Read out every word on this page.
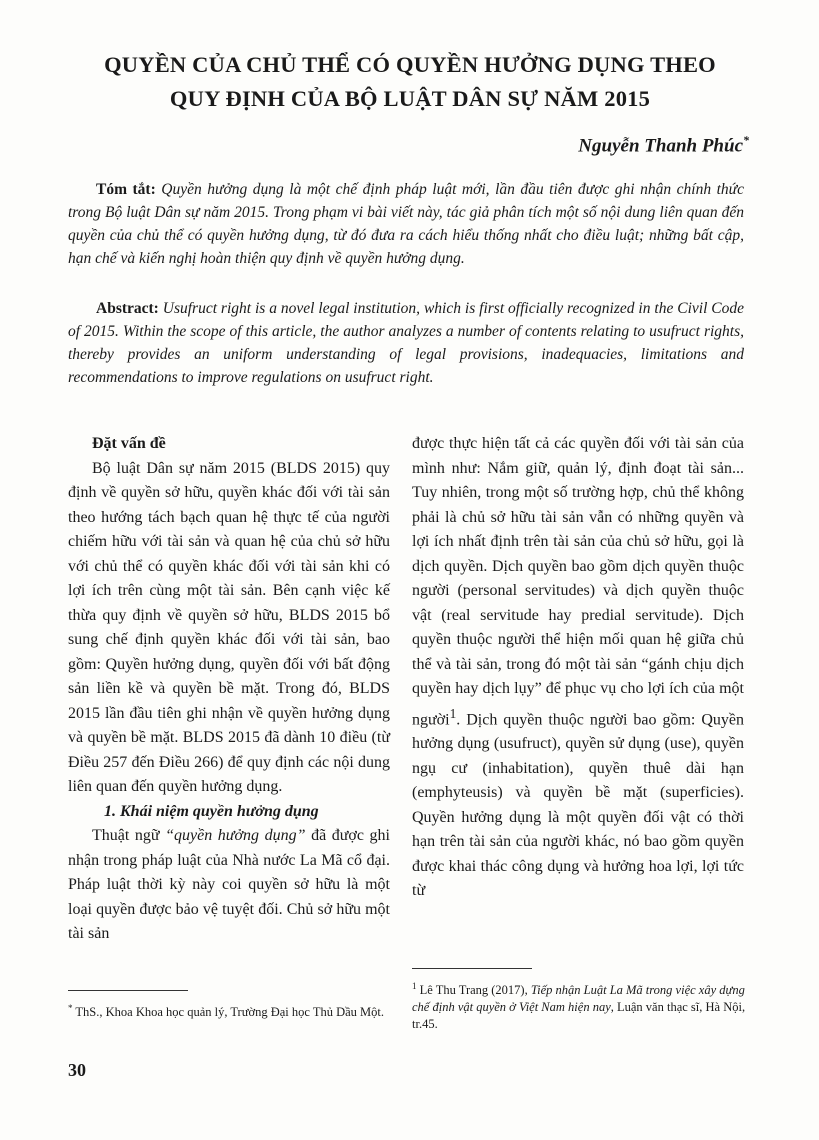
QUYỀN CỦA CHỦ THỂ CÓ QUYỀN HƯỞNG DỤNG THEO
QUY ĐỊNH CỦA BỘ LUẬT DÂN SỰ NĂM 2015
Nguyễn Thanh Phúc*
Tóm tắt: Quyền hưởng dụng là một chế định pháp luật mới, lần đầu tiên được ghi nhận chính thức trong Bộ luật Dân sự năm 2015. Trong phạm vi bài viết này, tác giả phân tích một số nội dung liên quan đến quyền của chủ thể có quyền hưởng dụng, từ đó đưa ra cách hiểu thống nhất cho điều luật; những bất cập, hạn chế và kiến nghị hoàn thiện quy định về quyền hưởng dụng.
Abstract: Usufruct right is a novel legal institution, which is first officially recognized in the Civil Code of 2015. Within the scope of this article, the author analyzes a number of contents relating to usufruct rights, thereby provides an uniform understanding of legal provisions, inadequacies, limitations and recommendations to improve regulations on usufruct right.

Đặt vấn đề

Bộ luật Dân sự năm 2015 (BLDS 2015) quy định về quyền sở hữu, quyền khác đối với tài sản theo hướng tách bạch quan hệ thực tế của người chiếm hữu với tài sản và quan hệ của chủ sở hữu với chủ thể có quyền khác đối với tài sản khi có lợi ích trên cùng một tài sản. Bên cạnh việc kế thừa quy định về quyền sở hữu, BLDS 2015 bổ sung chế định quyền khác đối với tài sản, bao gồm: Quyền hưởng dụng, quyền đối với bất động sản liền kề và quyền bề mặt. Trong đó, BLDS 2015 lần đầu tiên ghi nhận về quyền hưởng dụng và quyền bề mặt. BLDS 2015 đã dành 10 điều (từ Điều 257 đến Điều 266) để quy định các nội dung liên quan đến quyền hưởng dụng.

1. Khái niệm quyền hưởng dụng

Thuật ngữ “quyền hưởng dụng” đã được ghi nhận trong pháp luật của Nhà nước La Mã cổ đại. Pháp luật thời kỳ này coi quyền sở hữu là một loại quyền được bảo vệ tuyệt đối. Chủ sở hữu một tài sản

được thực hiện tất cả các quyền đối với tài sản của mình như: Nắm giữ, quản lý, định đoạt tài sản... Tuy nhiên, trong một số trường hợp, chủ thể không phải là chủ sở hữu tài sản vẫn có những quyền và lợi ích nhất định trên tài sản của chủ sở hữu, gọi là dịch quyền. Dịch quyền bao gồm dịch quyền thuộc người (personal servitudes) và dịch quyền thuộc vật (real servitude hay predial servitude). Dịch quyền thuộc người thể hiện mối quan hệ giữa chủ thể và tài sản, trong đó một tài sản “gánh chịu dịch quyền hay dịch lụy” để phục vụ cho lợi ích của một người$^1$. Dịch quyền thuộc người bao gồm: Quyền hưởng dụng (usufruct), quyền sử dụng (use), quyền ngụ cư (inhabitation), quyền thuê dài hạn (emphyteusis) và quyền bề mặt (superficies). Quyền hưởng dụng là một quyền đối vật có thời hạn trên tài sản của người khác, nó bao gồm quyền được khai thác công dụng và hưởng hoa lợi, lợi tức từ

* ThS., Khoa Khoa học quản lý, Trường Đại học Thủ Dầu Một.
$^1$ Lê Thu Trang (2017), Tiếp nhận Luật La Mã trong việc xây dựng chế định vật quyền ở Việt Nam hiện nay, Luận văn thạc sĩ, Hà Nội, tr.45.
30
